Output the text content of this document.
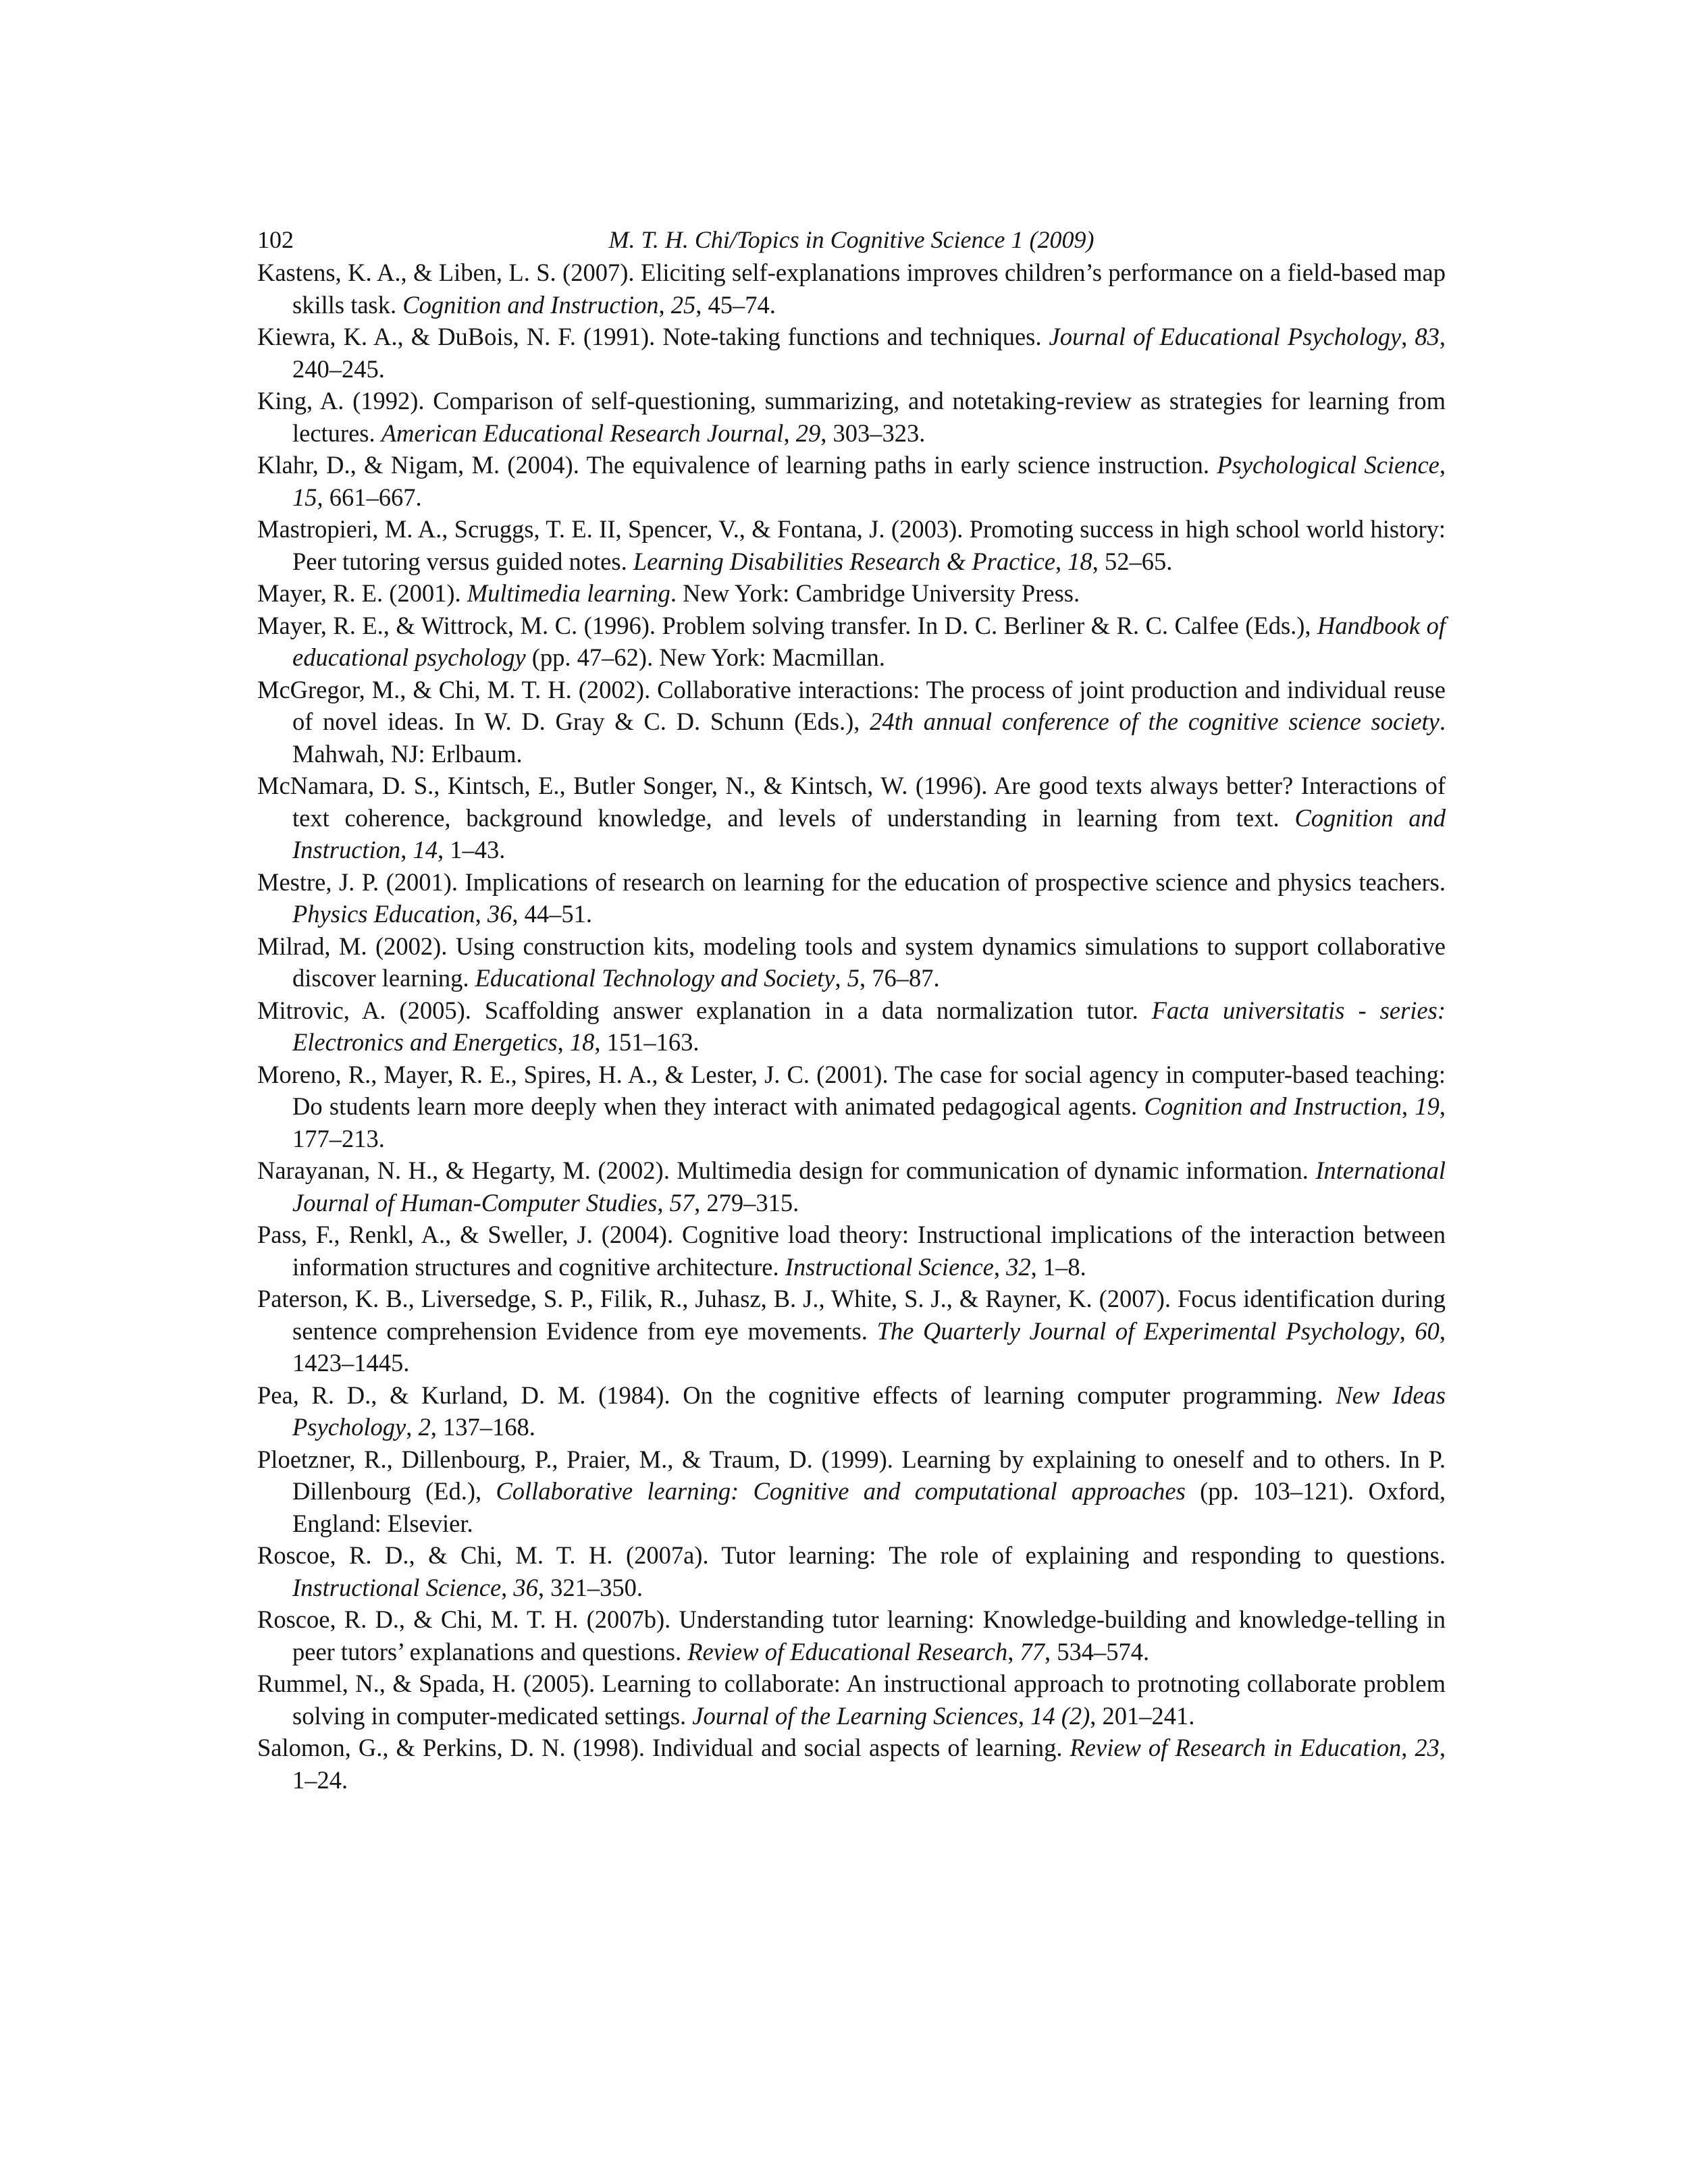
102	M. T. H. Chi/Topics in Cognitive Science 1 (2009)
Kastens, K. A., & Liben, L. S. (2007). Eliciting self-explanations improves children’s performance on a field-based map skills task. Cognition and Instruction, 25, 45–74.
Kiewra, K. A., & DuBois, N. F. (1991). Note-taking functions and techniques. Journal of Educational Psychology, 83, 240–245.
King, A. (1992). Comparison of self-questioning, summarizing, and notetaking-review as strategies for learning from lectures. American Educational Research Journal, 29, 303–323.
Klahr, D., & Nigam, M. (2004). The equivalence of learning paths in early science instruction. Psychological Science, 15, 661–667.
Mastropieri, M. A., Scruggs, T. E. II, Spencer, V., & Fontana, J. (2003). Promoting success in high school world history: Peer tutoring versus guided notes. Learning Disabilities Research & Practice, 18, 52–65.
Mayer, R. E. (2001). Multimedia learning. New York: Cambridge University Press.
Mayer, R. E., & Wittrock, M. C. (1996). Problem solving transfer. In D. C. Berliner & R. C. Calfee (Eds.), Handbook of educational psychology (pp. 47–62). New York: Macmillan.
McGregor, M., & Chi, M. T. H. (2002). Collaborative interactions: The process of joint production and individual reuse of novel ideas. In W. D. Gray & C. D. Schunn (Eds.), 24th annual conference of the cognitive science society. Mahwah, NJ: Erlbaum.
McNamara, D. S., Kintsch, E., Butler Songer, N., & Kintsch, W. (1996). Are good texts always better? Interactions of text coherence, background knowledge, and levels of understanding in learning from text. Cognition and Instruction, 14, 1–43.
Mestre, J. P. (2001). Implications of research on learning for the education of prospective science and physics teachers. Physics Education, 36, 44–51.
Milrad, M. (2002). Using construction kits, modeling tools and system dynamics simulations to support collaborative discover learning. Educational Technology and Society, 5, 76–87.
Mitrovic, A. (2005). Scaffolding answer explanation in a data normalization tutor. Facta universitatis - series: Electronics and Energetics, 18, 151–163.
Moreno, R., Mayer, R. E., Spires, H. A., & Lester, J. C. (2001). The case for social agency in computer-based teaching: Do students learn more deeply when they interact with animated pedagogical agents. Cognition and Instruction, 19, 177–213.
Narayanan, N. H., & Hegarty, M. (2002). Multimedia design for communication of dynamic information. International Journal of Human-Computer Studies, 57, 279–315.
Pass, F., Renkl, A., & Sweller, J. (2004). Cognitive load theory: Instructional implications of the interaction between information structures and cognitive architecture. Instructional Science, 32, 1–8.
Paterson, K. B., Liversedge, S. P., Filik, R., Juhasz, B. J., White, S. J., & Rayner, K. (2007). Focus identification during sentence comprehension Evidence from eye movements. The Quarterly Journal of Experimental Psychology, 60, 1423–1445.
Pea, R. D., & Kurland, D. M. (1984). On the cognitive effects of learning computer programming. New Ideas Psychology, 2, 137–168.
Ploetzner, R., Dillenbourg, P., Praier, M., & Traum, D. (1999). Learning by explaining to oneself and to others. In P. Dillenbourg (Ed.), Collaborative learning: Cognitive and computational approaches (pp. 103–121). Oxford, England: Elsevier.
Roscoe, R. D., & Chi, M. T. H. (2007a). Tutor learning: The role of explaining and responding to questions. Instructional Science, 36, 321–350.
Roscoe, R. D., & Chi, M. T. H. (2007b). Understanding tutor learning: Knowledge-building and knowledge-telling in peer tutors’ explanations and questions. Review of Educational Research, 77, 534–574.
Rummel, N., & Spada, H. (2005). Learning to collaborate: An instructional approach to protnoting collaborate problem solving in computer-medicated settings. Journal of the Learning Sciences, 14 (2), 201–241.
Salomon, G., & Perkins, D. N. (1998). Individual and social aspects of learning. Review of Research in Education, 23, 1–24.
